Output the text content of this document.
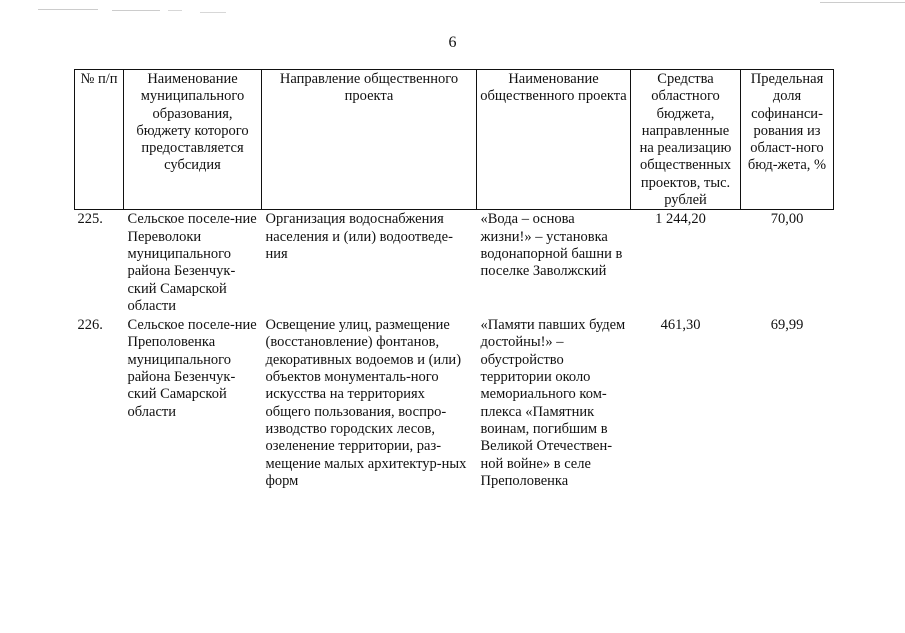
6
№ п/п	Наименование муниципального образования, бюджету которого предоставляется субсидия	Направление общественного проекта	Наименование общественного проекта	Средства областного бюджета, направленные на реализацию общественных проектов, тыс. рублей	Предельная доля софинанси-рования из област-ного бюд-жета, %
225.	Сельское поселе-ние Переволоки муниципального района Безенчук-ский Самарской области	Организация водоснабжения населения и (или) водоотведе-ния	«Вода – основа жизни!» – установка водонапорной башни в поселке Заволжский	1 244,20	70,00
226.	Сельское поселе-ние Преполовенка муниципального района Безенчук-ский Самарской области	Освещение улиц, размещение (восстановление) фонтанов, декоративных водоемов и (или) объектов монументаль-ного искусства на территориях общего пользования, воспро-изводство городских лесов, озеленение территории, раз-мещение малых архитектур-ных форм	«Памяти павших будем достойны!» – обустройство территории около мемориального ком-плекса «Памятник воинам, погибшим в Великой Отечествен-ной войне» в селе Преполовенка	461,30	69,99
